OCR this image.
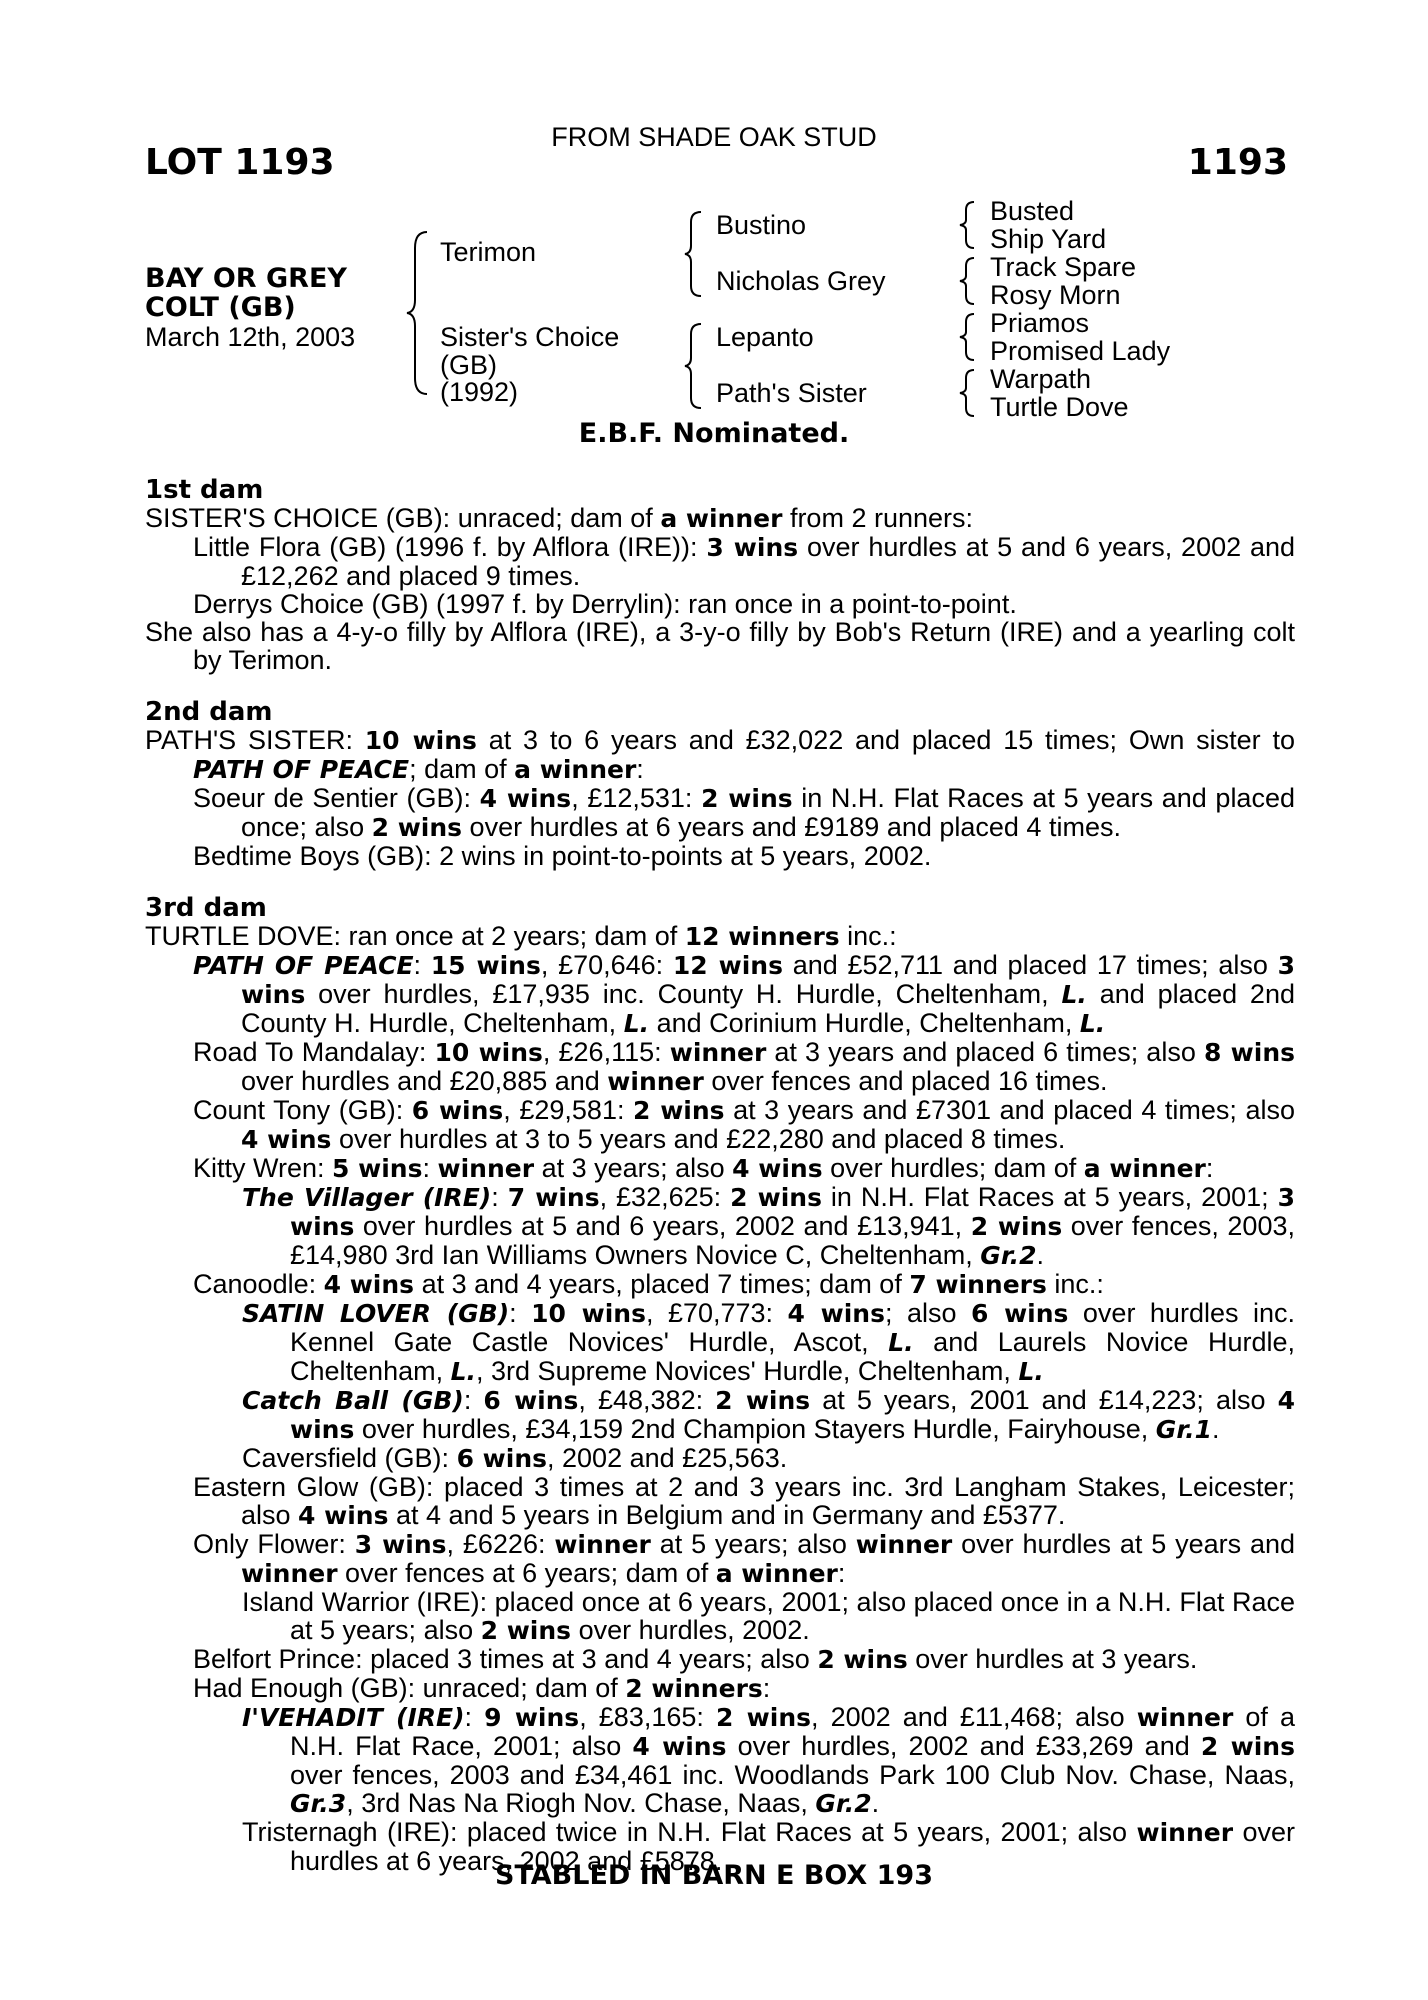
FROM SHADE OAK STUD
LOT 1193	1193
BAY OR GREY
COLT (GB)
March 12th, 2003
Terimon
Sister's Choice
(GB)
(1992)
Bustino
Nicholas Grey
Lepanto
Path's Sister
Busted
Ship Yard
Track Spare
Rosy Morn
Priamos
Promised Lady
Warpath
Turtle Dove
E.B.F. Nominated.

1st dam

SISTER'S CHOICE (GB): unraced; dam of a winner from 2 runners:

Little Flora (GB) (1996 f. by Alflora (IRE)): 3 wins over hurdles at 5 and 6 years, 2002 and £12,262 and placed 9 times.

Derrys Choice (GB) (1997 f. by Derrylin): ran once in a point-to-point.

She also has a 4-y-o filly by Alflora (IRE), a 3-y-o filly by Bob's Return (IRE) and a yearling colt by Terimon.

2nd dam

PATH'S SISTER: 10 wins at 3 to 6 years and £32,022 and placed 15 times; Own sister to PATH OF PEACE; dam of a winner:

Soeur de Sentier (GB): 4 wins, £12,531: 2 wins in N.H. Flat Races at 5 years and placed once; also 2 wins over hurdles at 6 years and £9189 and placed 4 times.

Bedtime Boys (GB): 2 wins in point-to-points at 5 years, 2002.

3rd dam

TURTLE DOVE: ran once at 2 years; dam of 12 winners inc.:

PATH OF PEACE: 15 wins, £70,646: 12 wins and £52,711 and placed 17 times; also 3 wins over hurdles, £17,935 inc. County H. Hurdle, Cheltenham, L. and placed 2nd County H. Hurdle, Cheltenham, L. and Corinium Hurdle, Cheltenham, L.

Road To Mandalay: 10 wins, £26,115: winner at 3 years and placed 6 times; also 8 wins over hurdles and £20,885 and winner over fences and placed 16 times.

Count Tony (GB): 6 wins, £29,581: 2 wins at 3 years and £7301 and placed 4 times; also 4 wins over hurdles at 3 to 5 years and £22,280 and placed 8 times.

Kitty Wren: 5 wins: winner at 3 years; also 4 wins over hurdles; dam of a winner:

The Villager (IRE): 7 wins, £32,625: 2 wins in N.H. Flat Races at 5 years, 2001; 3 wins over hurdles at 5 and 6 years, 2002 and £13,941, 2 wins over fences, 2003, £14,980 3rd Ian Williams Owners Novice C, Cheltenham, Gr.2.

Canoodle: 4 wins at 3 and 4 years, placed 7 times; dam of 7 winners inc.:

SATIN LOVER (GB): 10 wins, £70,773: 4 wins; also 6 wins over hurdles inc. Kennel Gate Castle Novices' Hurdle, Ascot, L. and Laurels Novice Hurdle, Cheltenham, L., 3rd Supreme Novices' Hurdle, Cheltenham, L.

Catch Ball (GB): 6 wins, £48,382: 2 wins at 5 years, 2001 and £14,223; also 4 wins over hurdles, £34,159 2nd Champion Stayers Hurdle, Fairyhouse, Gr.1.

Caversfield (GB): 6 wins, 2002 and £25,563.

Eastern Glow (GB): placed 3 times at 2 and 3 years inc. 3rd Langham Stakes, Leicester; also 4 wins at 4 and 5 years in Belgium and in Germany and £5377.

Only Flower: 3 wins, £6226: winner at 5 years; also winner over hurdles at 5 years and winner over fences at 6 years; dam of a winner:

Island Warrior (IRE): placed once at 6 years, 2001; also placed once in a N.H. Flat Race at 5 years; also 2 wins over hurdles, 2002.

Belfort Prince: placed 3 times at 3 and 4 years; also 2 wins over hurdles at 3 years.

Had Enough (GB): unraced; dam of 2 winners:

I'VEHADIT (IRE): 9 wins, £83,165: 2 wins, 2002 and £11,468; also winner of a N.H. Flat Race, 2001; also 4 wins over hurdles, 2002 and £33,269 and 2 wins over fences, 2003 and £34,461 inc. Woodlands Park 100 Club Nov. Chase, Naas, Gr.3, 3rd Nas Na Riogh Nov. Chase, Naas, Gr.2.

Tristernagh (IRE): placed twice in N.H. Flat Races at 5 years, 2001; also winner over hurdles at 6 years, 2002 and £5878.

STABLED IN BARN E BOX 193
